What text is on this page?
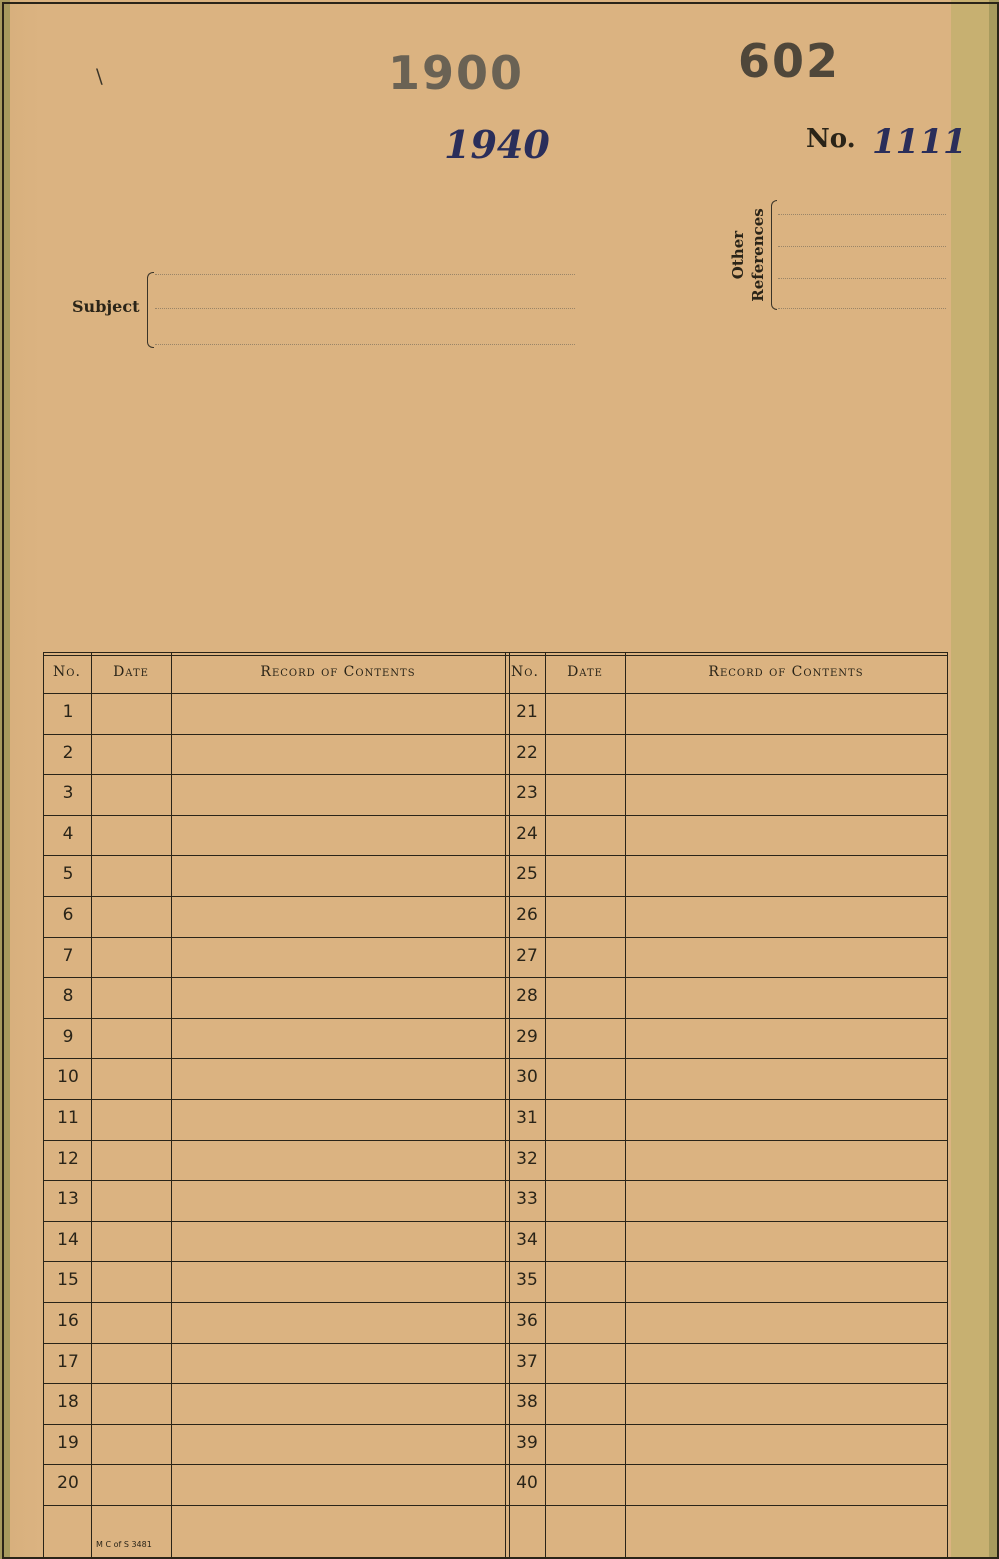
\	1900	602
1940	No. 1111
Other References
Subject
No.	Date	Record of Contents	No.	Date	Record of Contents
M C of S 3481
1	21
2	22
3	23
4	24
5	25
6	26
7	27
8	28
9	29
10	30
11	31
12	32
13	33
14	34
15	35
16	36
17	37
18	38
19	39
20	40
